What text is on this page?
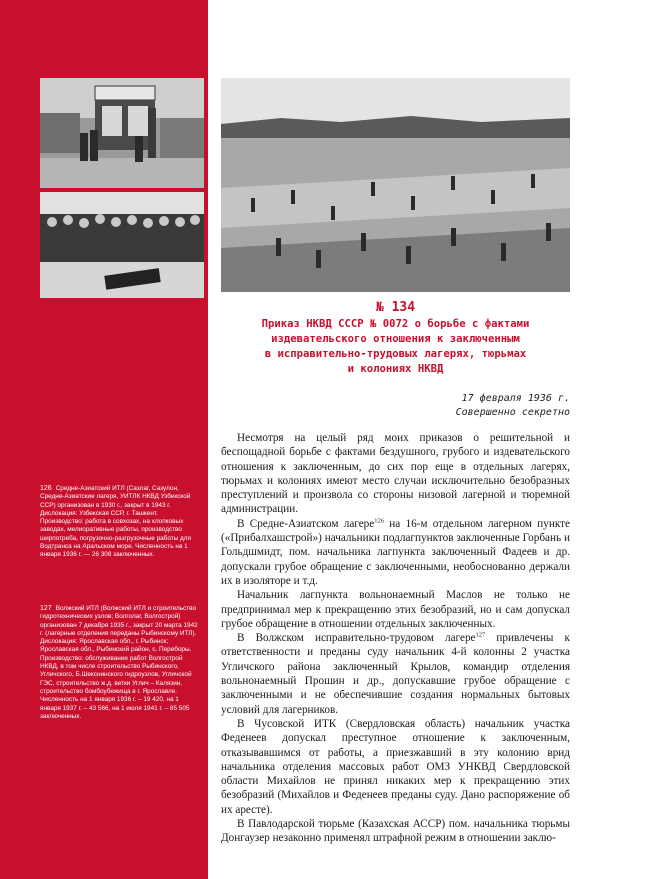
279
126 Средне-Азиатский ИТЛ (Сазлаг, Сазулон, Средне-Азиатские лагеря, УИТЛК НКВД Узбекской ССР) организован в 1930 г., закрыт в 1943 г. Дислокация: Узбекская ССР, г. Ташкент. Производство: работа в совхозах, на хлопковых заводах, мелиоративные работы, производство ширпотреба, погрузочно-разгрузочные работы для Водтранса на Аральском море. Численность на 1 января 1936 г. — 26 308 заключенных.
127 Волжский ИТЛ (Волжский ИТЛ и строительство гидротехнических узлов; Волголаг, Волгострой) организован 7 декабря 1935 г., закрыт 20 марта 1942 г. (лагерные отделения переданы Рыбинскому ИТЛ). Дислокация: Ярославская обл., г. Рыбинск; Ярославская обл., Рыбинский район, с. Переборы. Производство: обслуживание работ Волгострой НКВД, в том числе строительство Рыбинского, Угличского, Б.Шекснинского гидроузлов, Угличской ГЭС, строительство ж.д. ветки Углич – Калязин, строительство бомбоубежища в г. Ярославле. Численность на 1 января 1936 г. – 19 420, на 1 января 1937 г. – 43 566, на 1 июля 1941 г. – 85 505 заключенных.
№ 134
Приказ НКВД СССР № 0072 о борьбе с фактами
издевательского отношения к заключенным
в исправительно-трудовых лагерях, тюрьмах
и колониях НКВД
17 февраля 1936 г.
Совершенно секретно

Несмотря на целый ряд моих приказов о решительной и беспощадной борьбе с фактами бездушного, грубого и издевательского отношения к заключенным, до сих пор еще в отдельных лагерях, тюрьмах и колониях имеют место случаи исключительно безобразных преступлений и произвола со стороны низовой лагерной и тюремной администрации.

В Средне-Азиатском лагере$^{126}$ на 16-м отдельном лагерном пункте («Прибалхашстрой») начальники подлагпунктов заключенные Горбань и Гольдшмидт, пом. начальника лагпункта заключенный Фадеев и др. допускали грубое обращение с заключенными, необоснованно держали их в изоляторе и т.д.

Начальник лагпункта вольнонаемный Маслов не только не предпринимал мер к прекращению этих безобразий, но и сам допускал грубое обращение в отношении отдельных заключенных.

В Волжском исправительно-трудовом лагере$^{127}$ привлечены к ответственности и преданы суду начальник 4-й колонны 2 участка Угличского района заключенный Крылов, командир отделения вольнонаемный Прошин и др., допускавшие грубое обращение с заключенными и не обеспечившие создания нормальных бытовых условий для лагерников.

В Чусовской ИТК (Свердловская область) начальник участка Феденеев допускал преступное отношение к заключенным, отказывавшимся от работы, а приезжавший в эту колонию врид начальника отделения массовых работ ОМЗ УНКВД Свердловской области Михайлов не принял никаких мер к прекращению этих безобразий (Михайлов и Феденеев преданы суду. Дано распоряжение об их аресте).

В Павлодарской тюрьме (Казахская АССР) пом. начальника тюрьмы Донгаузер незаконно применял штрафной режим в отношении заклю-
